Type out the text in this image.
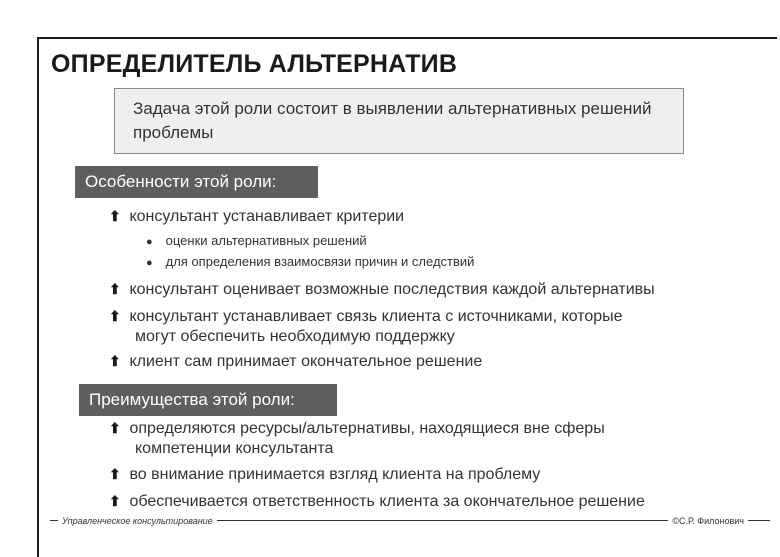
ОПРЕДЕЛИТЕЛЬ АЛЬТЕРНАТИВ
Задача этой роли состоит в выявлении альтернативных решений проблемы
Особенности этой роли:
⬆ консультант устанавливает критерии
● оценки альтернативных решений
● для определения взаимосвязи причин и следствий
⬆ консультант оценивает возможные последствия каждой альтернативы
⬆ консультант устанавливает связь клиента с источниками, которые
могут обеспечить необходимую поддержку
⬆ клиент сам принимает окончательное решение
Преимущества этой роли:
⬆ определяются ресурсы/альтернативы, находящиеся вне сферы
компетенции консультанта
⬆ во внимание принимается взгляд клиента на проблему
⬆ обеспечивается ответственность клиента за окончательное решение
Управленческое консультирование	©С.Р. Филонович
